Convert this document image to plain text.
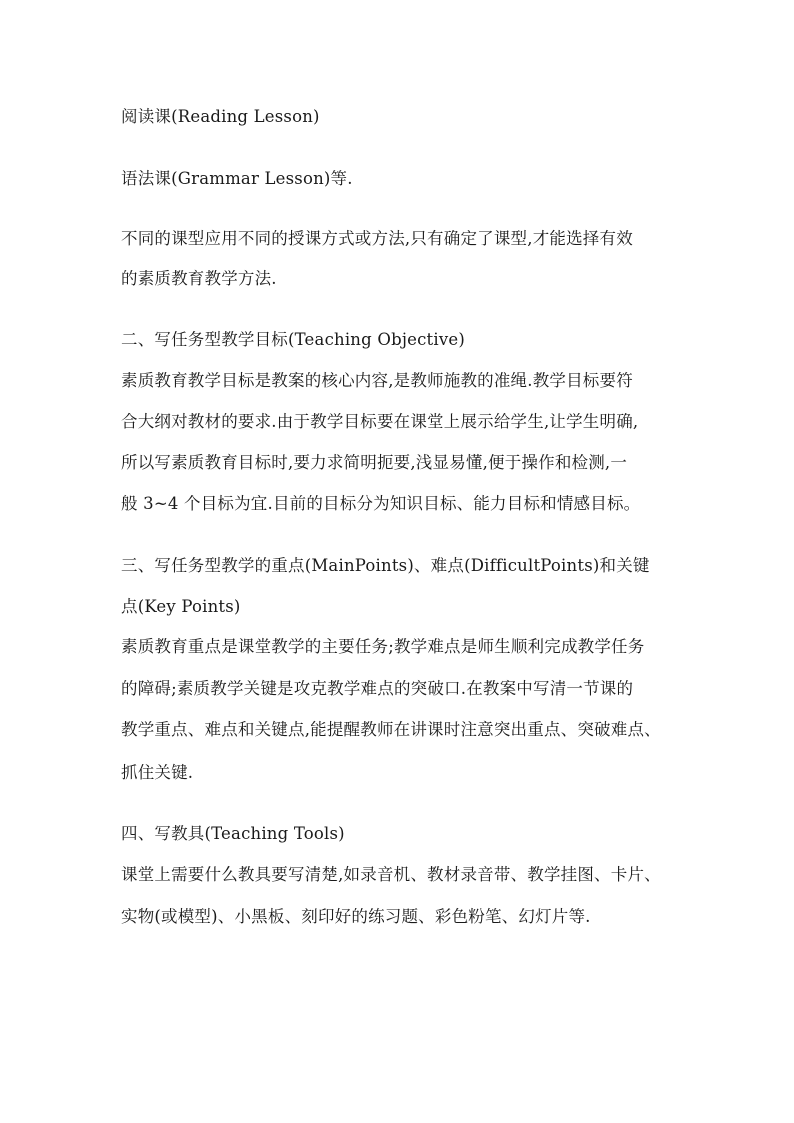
阅读课(Reading Lesson)
语法课(Grammar Lesson)等.
不同的课型应用不同的授课方式或方法,只有确定了课型,才能选择有效
的素质教育教学方法.
二、写任务型教学目标(Teaching Objective)
素质教育教学目标是教案的核心内容,是教师施教的准绳.教学目标要符
合大纲对教材的要求.由于教学目标要在课堂上展示给学生,让学生明确,
所以写素质教育目标时,要力求简明扼要,浅显易懂,便于操作和检测,一
般 3~4 个目标为宜.目前的目标分为知识目标、能力目标和情感目标。
三、写任务型教学的重点(MainPoints)、难点(DifficultPoints)和关键
点(Key Points)
素质教育重点是课堂教学的主要任务;教学难点是师生顺利完成教学任务
的障碍;素质教学关键是攻克教学难点的突破口.在教案中写清一节课的
教学重点、难点和关键点,能提醒教师在讲课时注意突出重点、突破难点、
抓住关键.
四、写教具(Teaching Tools)
课堂上需要什么教具要写清楚,如录音机、教材录音带、教学挂图、卡片、
实物(或模型)、小黑板、刻印好的练习题、彩色粉笔、幻灯片等.
